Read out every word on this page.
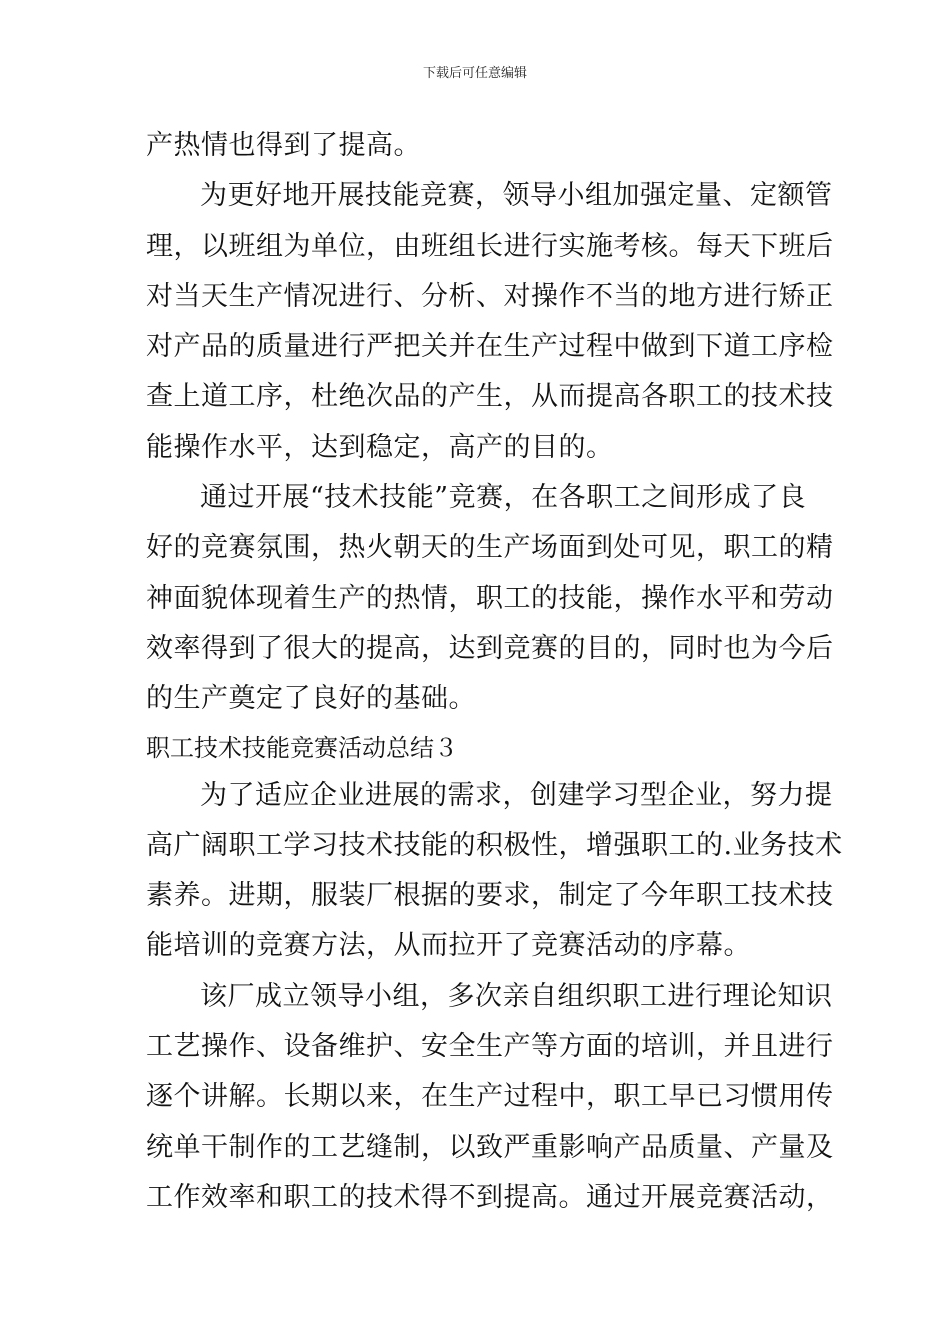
下载后可任意编辑
产热情也得到了提高。
为更好地开展技能竞赛，领导小组加强定量、定额管
理，以班组为单位，由班组长进行实施考核。每天下班后
对当天生产情况进行、分析、对操作不当的地方进行矫正
对产品的质量进行严把关并在生产过程中做到下道工序检
查上道工序，杜绝次品的产生，从而提高各职工的技术技
能操作水平，达到稳定，高产的目的。
通过开展“技术技能”竞赛，在各职工之间形成了良
好的竞赛氛围，热火朝天的生产场面到处可见，职工的精
神面貌体现着生产的热情，职工的技能，操作水平和劳动
效率得到了很大的提高，达到竞赛的目的，同时也为今后
的生产奠定了良好的基础。
职工技术技能竞赛活动总结３
为了适应企业进展的需求，创建学习型企业，努力提
高广阔职工学习技术技能的积极性，增强职工的.业务技术
素养。进期，服装厂根据的要求，制定了今年职工技术技
能培训的竞赛方法，从而拉开了竞赛活动的序幕。
该厂成立领导小组，多次亲自组织职工进行理论知识
工艺操作、设备维护、安全生产等方面的培训，并且进行
逐个讲解。长期以来，在生产过程中，职工早已习惯用传
统单干制作的工艺缝制，以致严重影响产品质量、产量及
工作效率和职工的技术得不到提高。通过开展竞赛活动，
